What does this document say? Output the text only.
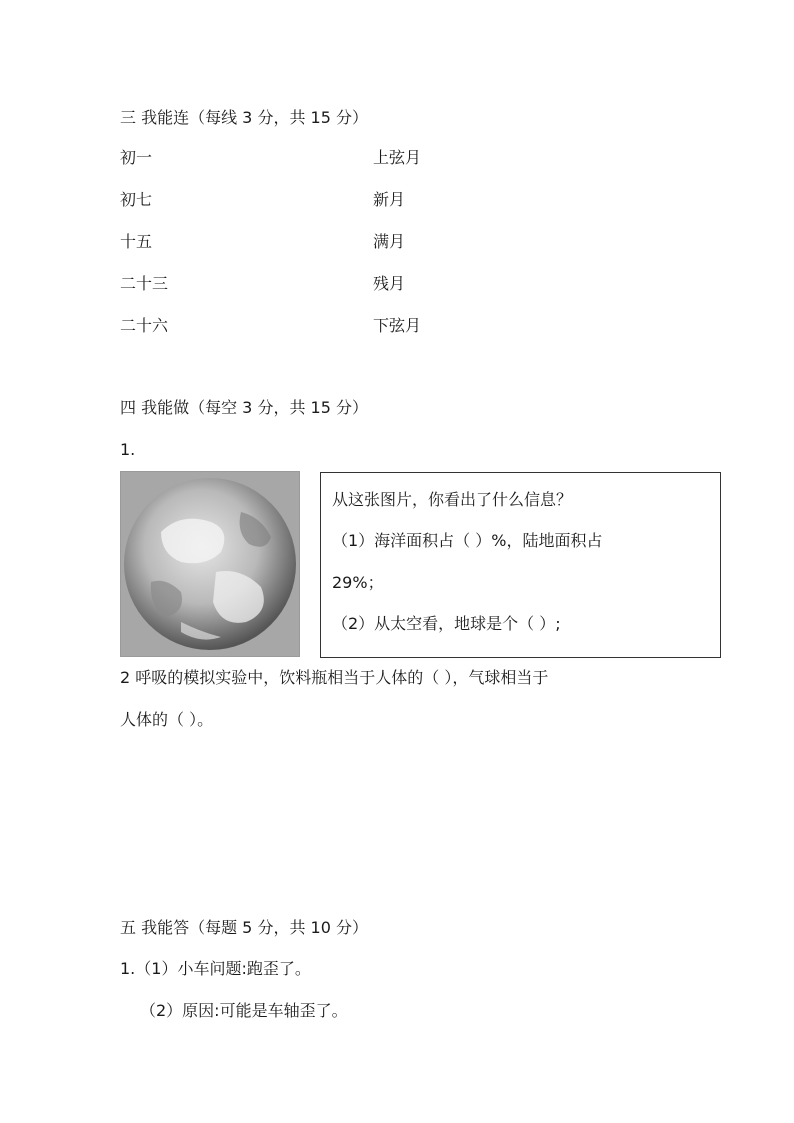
三 我能连（每线 3 分，共 15 分）
初一
初七
十五
二十三
二十六
上弦月
新月
满月
残月
下弦月
四 我能做（每空 3 分，共 15 分）
1.
从这张图片，你看出了什么信息？
（1）海洋面积占（ ）%，陆地面积占
29%；
（2）从太空看，地球是个（ ）;
2 呼吸的模拟实验中，饮料瓶相当于人体的（ ），气球相当于
人体的（ ）。
五 我能答（每题 5 分，共 10 分）
1.（1）小车问题:跑歪了。
（2）原因:可能是车轴歪了。
